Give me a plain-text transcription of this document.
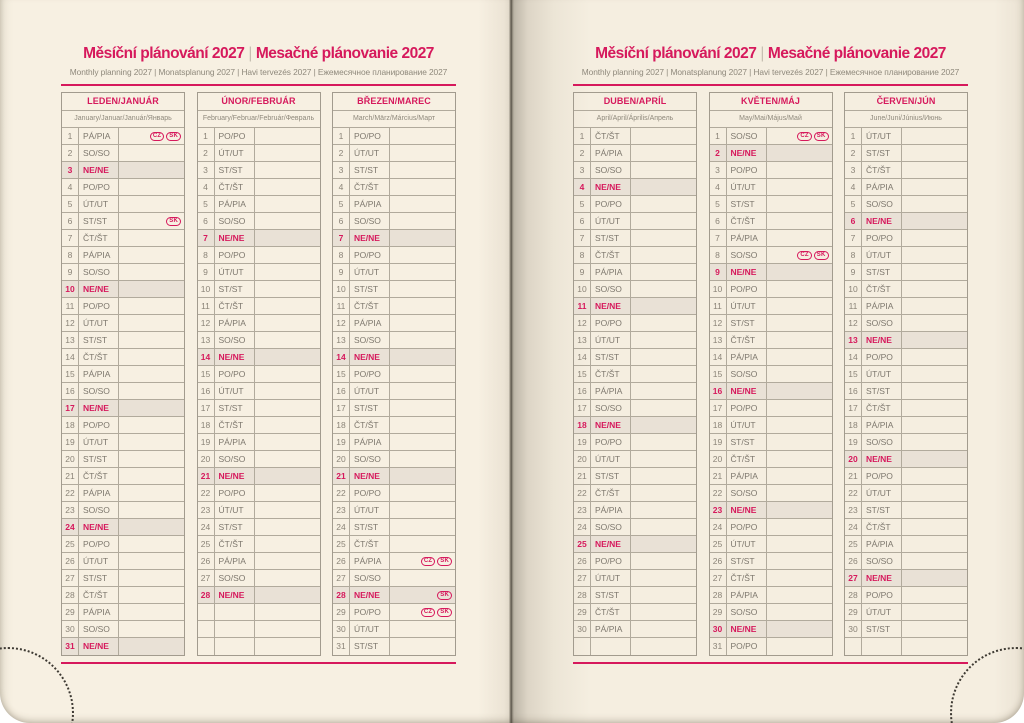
Měsíční plánování 2027 | Mesačné plánovanie 2027
Monthly planning 2027 | Monatsplanung 2027 | Havi tervezés 2027 | Ежемесячное планирование 2027
LEDEN/JANUÁR
January/Januar/Január/Январь
1	PÁ/PIA	CZ SK
2	SO/SO
3	NE/NE
4	PO/PO
5	ÚT/UT
6	ST/ST	SK
7	ČT/ŠT
8	PÁ/PIA
9	SO/SO
10 NE/NE
11	PO/PO
12 ÚT/UT
13 ST/ST
14 ČT/ŠT
15 PÁ/PIA
16 SO/SO
17 NE/NE
18 PO/PO
19 ÚT/UT
20 ST/ST
21 ČT/ŠT
22 PÁ/PIA
23 SO/SO
24 NE/NE
25 PO/PO
26 ÚT/UT
27 ST/ST
28 ČT/ŠT
29 PÁ/PIA
30 SO/SO
31 NE/NE
ÚNOR/FEBRUÁR
February/Februar/Február/Февраль
1	PO/PO
2	ÚT/UT
3	ST/ST
4	ČT/ŠT
5	PÁ/PIA
6	SO/SO
7	NE/NE
8	PO/PO
9	ÚT/UT
10 ST/ST
11	ČT/ŠT
12 PÁ/PIA
13 SO/SO
14 NE/NE
15 PO/PO
16 ÚT/UT
17 ST/ST
18 ČT/ŠT
19 PÁ/PIA
20 SO/SO
21 NE/NE
22 PO/PO
23 ÚT/UT
24 ST/ST
25 ČT/ŠT
26 PÁ/PIA
27 SO/SO
28 NE/NE
BŘEZEN/MAREC
March/März/Március/Март
1	PO/PO
2	ÚT/UT
3	ST/ST
4	ČT/ŠT
5	PÁ/PIA
6	SO/SO
7	NE/NE
8	PO/PO
9	ÚT/UT
10 ST/ST
11	ČT/ŠT
12 PÁ/PIA
13 SO/SO
14 NE/NE
15 PO/PO
16 ÚT/UT
17 ST/ST
18 ČT/ŠT
19 PÁ/PIA
20 SO/SO
21 NE/NE
22 PO/PO
23 ÚT/UT
24 ST/ST
25 ČT/ŠT
26 PÁ/PIA	CZ SK
27 SO/SO
28 NE/NE	SK
29 PO/PO	CZ SK
30 ÚT/UT
31 ST/ST
Měsíční plánování 2027 | Mesačné plánovanie 2027
Monthly planning 2027 | Monatsplanung 2027 | Havi tervezés 2027 | Ежемесячное планирование 2027
DUBEN/APRÍL
April/April/Április/Апрель
1	ČT/ŠT
2	PÁ/PIA
3	SO/SO
4	NE/NE
5	PO/PO
6	ÚT/UT
7	ST/ST
8	ČT/ŠT
9	PÁ/PIA
10 SO/SO
11	NE/NE
12 PO/PO
13 ÚT/UT
14 ST/ST
15 ČT/ŠT
16 PÁ/PIA
17 SO/SO
18 NE/NE
19 PO/PO
20 ÚT/UT
21 ST/ST
22 ČT/ŠT
23 PÁ/PIA
24 SO/SO
25 NE/NE
26 PO/PO
27 ÚT/UT
28 ST/ST
29 ČT/ŠT
30 PÁ/PIA
KVĚTEN/MÁJ
May/Mai/Május/Май
1	SO/SO	CZ SK
2	NE/NE
3	PO/PO
4	ÚT/UT
5	ST/ST
6	ČT/ŠT
7	PÁ/PIA
8	SO/SO	CZ SK
9	NE/NE
10 PO/PO
11	ÚT/UT
12 ST/ST
13 ČT/ŠT
14 PÁ/PIA
15 SO/SO
16 NE/NE
17 PO/PO
18 ÚT/UT
19 ST/ST
20 ČT/ŠT
21 PÁ/PIA
22 SO/SO
23 NE/NE
24 PO/PO
25 ÚT/UT
26 ST/ST
27 ČT/ŠT
28 PÁ/PIA
29 SO/SO
30 NE/NE
31 PO/PO
ČERVEN/JÚN
June/Juni/Június/Июнь
1	ÚT/UT
2	ST/ST
3	ČT/ŠT
4	PÁ/PIA
5	SO/SO
6	NE/NE
7	PO/PO
8	ÚT/UT
9	ST/ST
10 ČT/ŠT
11	PÁ/PIA
12 SO/SO
13 NE/NE
14 PO/PO
15 ÚT/UT
16 ST/ST
17 ČT/ŠT
18 PÁ/PIA
19 SO/SO
20 NE/NE
21 PO/PO
22 ÚT/UT
23 ST/ST
24 ČT/ŠT
25 PÁ/PIA
26 SO/SO
27 NE/NE
28 PO/PO
29 ÚT/UT
30 ST/ST
